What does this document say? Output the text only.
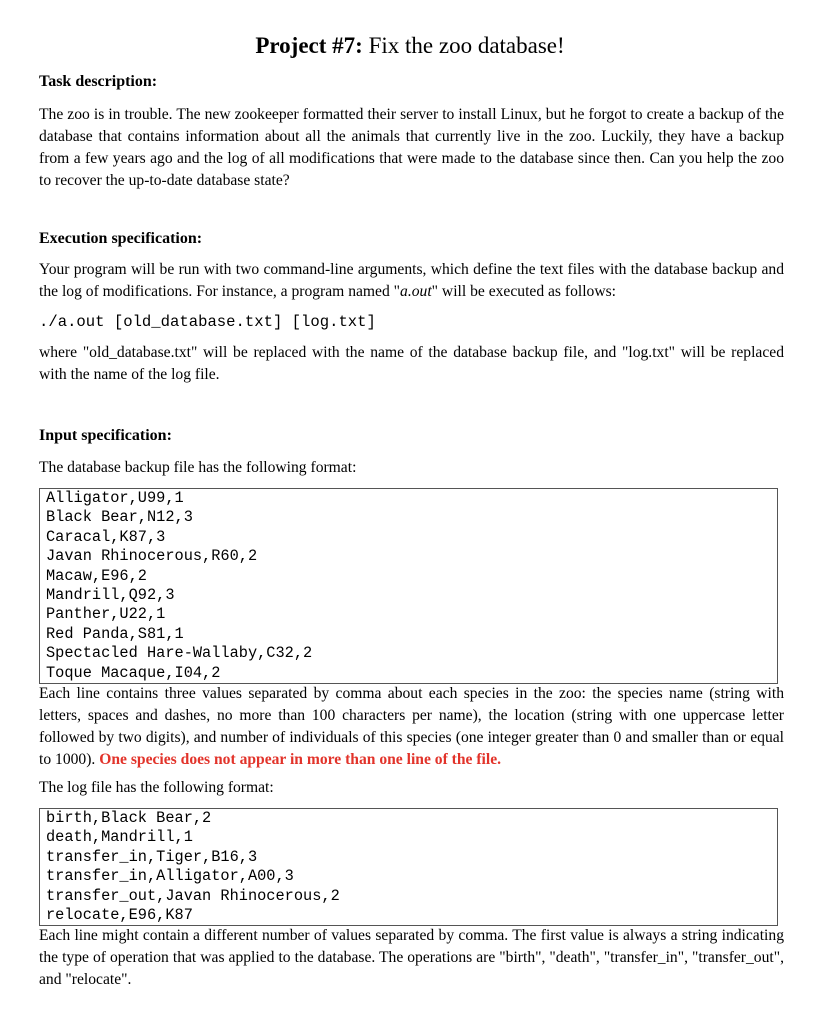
Project #7: Fix the zoo database!
Task description:

The zoo is in trouble. The new zookeeper formatted their server to install Linux, but he forgot to create a backup of the database that contains information about all the animals that currently live in the zoo. Luckily, they have a backup from a few years ago and the log of all modifications that were made to the database since then. Can you help the zoo to recover the up-to-date database state?

Execution specification:

Your program will be run with two command-line arguments, which define the text files with the database backup and the log of modifications. For instance, a program named "a.out" will be executed as follows:

./a.out [old_database.txt] [log.txt]

where "old_database.txt" will be replaced with the name of the database backup file, and "log.txt" will be replaced with the name of the log file.

Input specification:

The database backup file has the following format:

Alligator,U99,1
Black Bear,N12,3
Caracal,K87,3
Javan Rhinocerous,R60,2
Macaw,E96,2
Mandrill,Q92,3
Panther,U22,1
Red Panda,S81,1
Spectacled Hare-Wallaby,C32,2
Toque Macaque,I04,2

Each line contains three values separated by comma about each species in the zoo: the species name (string with letters, spaces and dashes, no more than 100 characters per name), the location (string with one uppercase letter followed by two digits), and number of individuals of this species (one integer greater than 0 and smaller than or equal to 1000). One species does not appear in more than one line of the file.

The log file has the following format:

birth,Black Bear,2
death,Mandrill,1
transfer_in,Tiger,B16,3
transfer_in,Alligator,A00,3
transfer_out,Javan Rhinocerous,2
relocate,E96,K87

Each line might contain a different number of values separated by comma. The first value is always a string indicating the type of operation that was applied to the database. The operations are "birth", "death", "transfer_in", "transfer_out", and "relocate".
